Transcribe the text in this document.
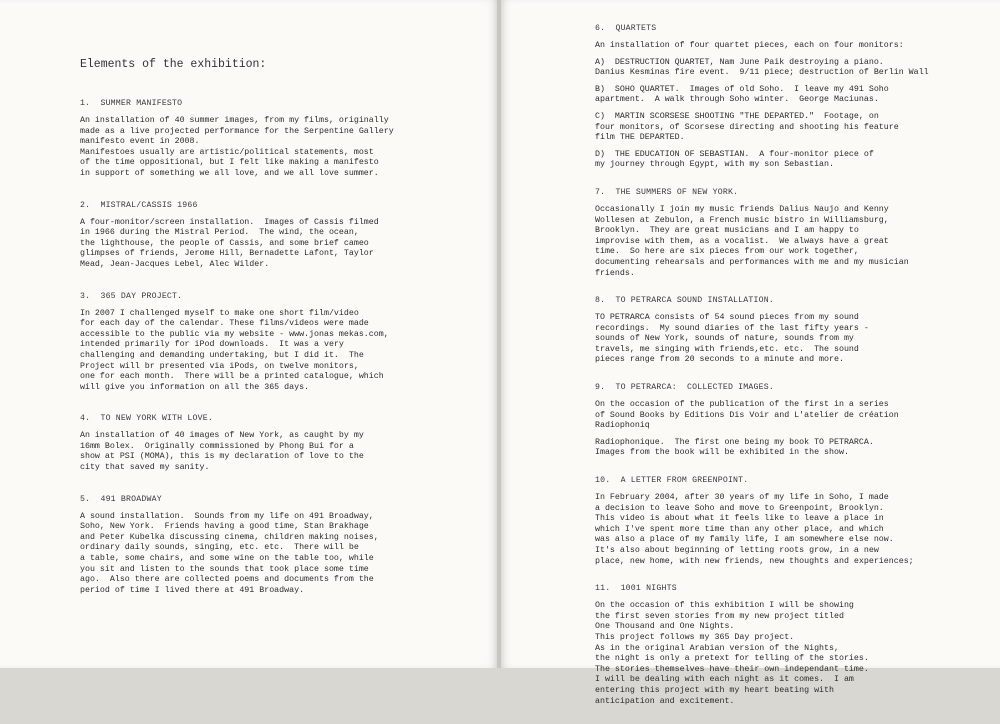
Elements of the exhibition:
1.  SUMMER MANIFESTO
An installation of 40 summer images, from my films, originally
made as a live projected performance for the Serpentine Gallery
manifesto event in 2008.
Manifestoes usually are artistic/political statements, most
of the time oppositional, but I felt like making a manifesto
in support of something we all love, and we all love summer.
2.  MISTRAL/CASSIS 1966
A four-monitor/screen installation.  Images of Cassis filmed
in 1966 during the Mistral Period.  The wind, the ocean,
the lighthouse, the people of Cassis, and some brief cameo
glimpses of friends, Jerome Hill, Bernadette Lafont, Taylor
Mead, Jean-Jacques Lebel, Alec Wilder.
3.  365 DAY PROJECT.
In 2007 I challenged myself to make one short film/video
for each day of the calendar. These films/videos were made
accessible to the public via my website - www.jonas mekas.com,
intended primarily for iPod downloads.  It was a very
challenging and demanding undertaking, but I did it.  The
Project will br presented via iPods, on twelve monitors,
one for each month.  There will be a printed catalogue, which
will give you information on all the 365 days.
4.  TO NEW YORK WITH LOVE.
An installation of 40 images of New York, as caught by my
16mm Bolex.  Originally commissioned by Phong Bui for a
show at PSI (MOMA), this is my declaration of love to the
city that saved my sanity.
5.  491 BROADWAY
A sound installation.  Sounds from my life on 491 Broadway,
Soho, New York.  Friends having a good time, Stan Brakhage
and Peter Kubelka discussing cinema, children making noises,
ordinary daily sounds, singing, etc. etc.  There will be
a table, some chairs, and some wine on the table too, while
you sit and listen to the sounds that took place some time
ago.  Also there are collected poems and documents from the
period of time I lived there at 491 Broadway.
6.  QUARTETS
An installation of four quartet pieces, each on four monitors:
A)  DESTRUCTION QUARTET, Nam June Paik destroying a piano.
Danius Kesminas fire event.  9/11 piece; destruction of Berlin Wall
B)  SOHO QUARTET.  Images of old Soho.  I leave my 491 Soho
apartment.  A walk through Soho winter.  George Maciunas.
C)  MARTIN SCORSESE SHOOTING "THE DEPARTED."  Footage, on
four monitors, of Scorsese directing and shooting his feature
film THE DEPARTED.
D)  THE EDUCATION OF SEBASTIAN.  A four-monitor piece of
my journey through Egypt, with my son Sebastian.
7.  THE SUMMERS OF NEW YORK.
Occasionally I join my music friends Dalius Naujo and Kenny
Wollesen at Zebulon, a French music bistro in Williamsburg,
Brooklyn.  They are great musicians and I am happy to
improvise with them, as a vocalist.  We always have a great
time.  So here are six pieces from our work together,
documenting rehearsals and performances with me and my musician
friends.
8.  TO PETRARCA SOUND INSTALLATION.
TO PETRARCA consists of 54 sound pieces from my sound
recordings.  My sound diaries of the last fifty years -
sounds of New York, sounds of nature, sounds from my
travels, me singing with friends,etc. etc.  The sound
pieces range from 20 seconds to a minute and more.
9.  TO PETRARCA:  COLLECTED IMAGES.
On the occasion of the publication of the first in a series
of Sound Books by Editions Dis Voir and L'atelier de création
Radiophoniq
Radiophonique.  The first one being my book TO PETRARCA.
Images from the book will be exhibited in the show.
10.  A LETTER FROM GREENPOINT.
In February 2004, after 30 years of my life in Soho, I made
a decision to leave Soho and move to Greenpoint, Brooklyn.
This video is about what it feels like to leave a place in
which I've spent more time than any other place, and which
was also a place of my family life, I am somewhere else now.
It's also about beginning of letting roots grow, in a new
place, new home, with new friends, new thoughts and experiences;
11.  1001 NIGHTS
On the occasion of this exhibition I will be showing
the first seven stories from my new project titled
One Thousand and One Nights.
This project follows my 365 Day project.
As in the original Arabian version of the Nights,
the night is only a pretext for telling of the stories.
The stories themselves have their own independant time.
I will be dealing with each night as it comes.  I am
entering this project with my heart beating with
anticipation and excitement.
